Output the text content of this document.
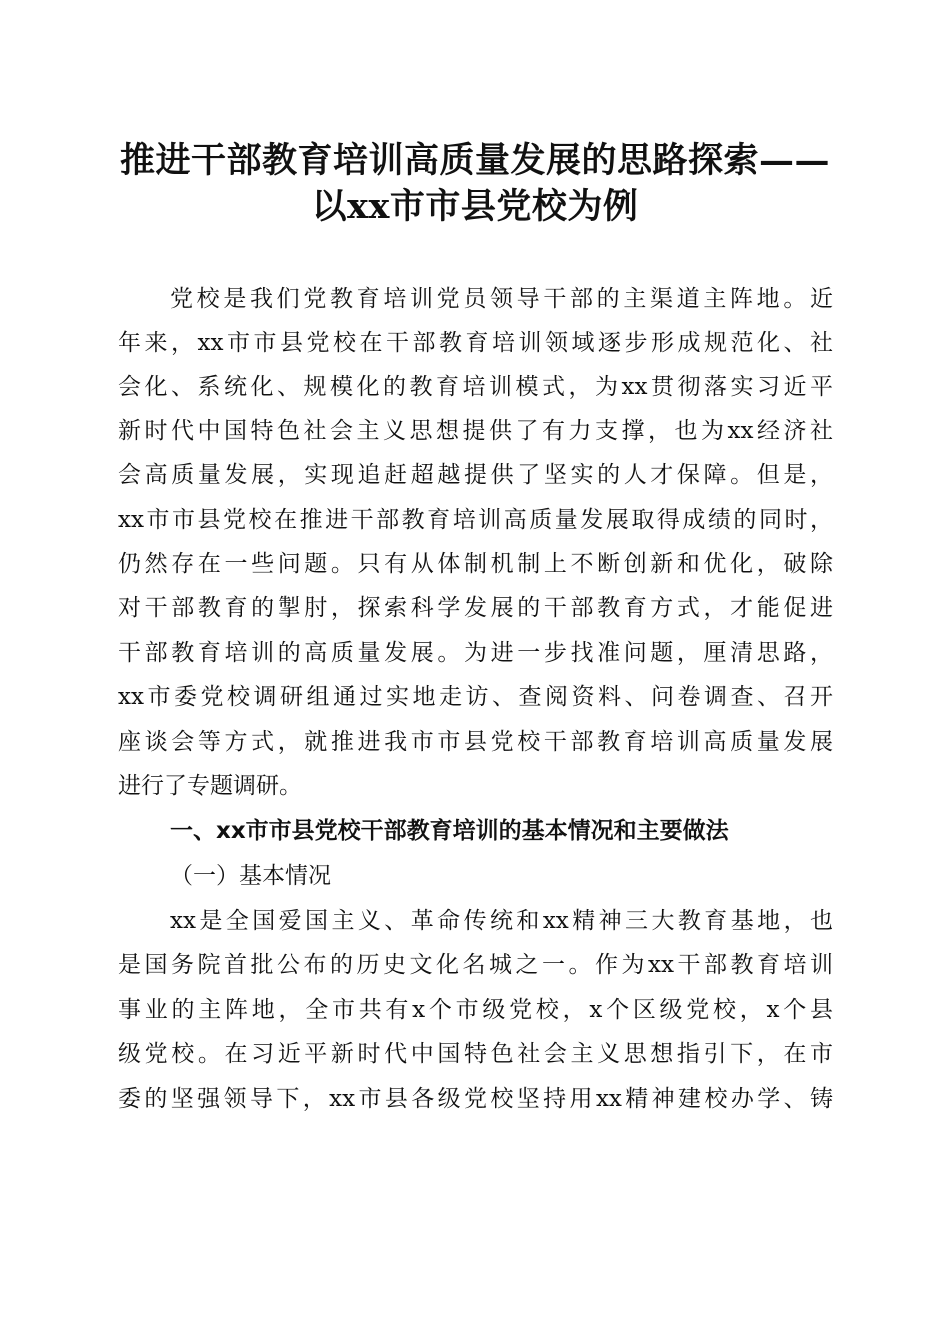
推进干部教育培训高质量发展的思路探索——
以xx市市县党校为例
党校是我们党教育培训党员领导干部的主渠道主阵地。近
年来，xx市市县党校在干部教育培训领域逐步形成规范化、社
会化、系统化、规模化的教育培训模式，为xx贯彻落实习近平
新时代中国特色社会主义思想提供了有力支撑，也为xx经济社
会高质量发展，实现追赶超越提供了坚实的人才保障。但是，
xx市市县党校在推进干部教育培训高质量发展取得成绩的同时，
仍然存在一些问题。只有从体制机制上不断创新和优化，破除
对干部教育的掣肘，探索科学发展的干部教育方式，才能促进
干部教育培训的高质量发展。为进一步找准问题，厘清思路，
xx市委党校调研组通过实地走访、查阅资料、问卷调查、召开
座谈会等方式，就推进我市市县党校干部教育培训高质量发展
进行了专题调研。
一、xx市市县党校干部教育培训的基本情况和主要做法
（一）基本情况
xx是全国爱国主义、革命传统和xx精神三大教育基地，也
是国务院首批公布的历史文化名城之一。作为xx干部教育培训
事业的主阵地，全市共有x个市级党校，x个区级党校，x个县
级党校。在习近平新时代中国特色社会主义思想指引下，在市
委的坚强领导下，xx市县各级党校坚持用xx精神建校办学、铸
